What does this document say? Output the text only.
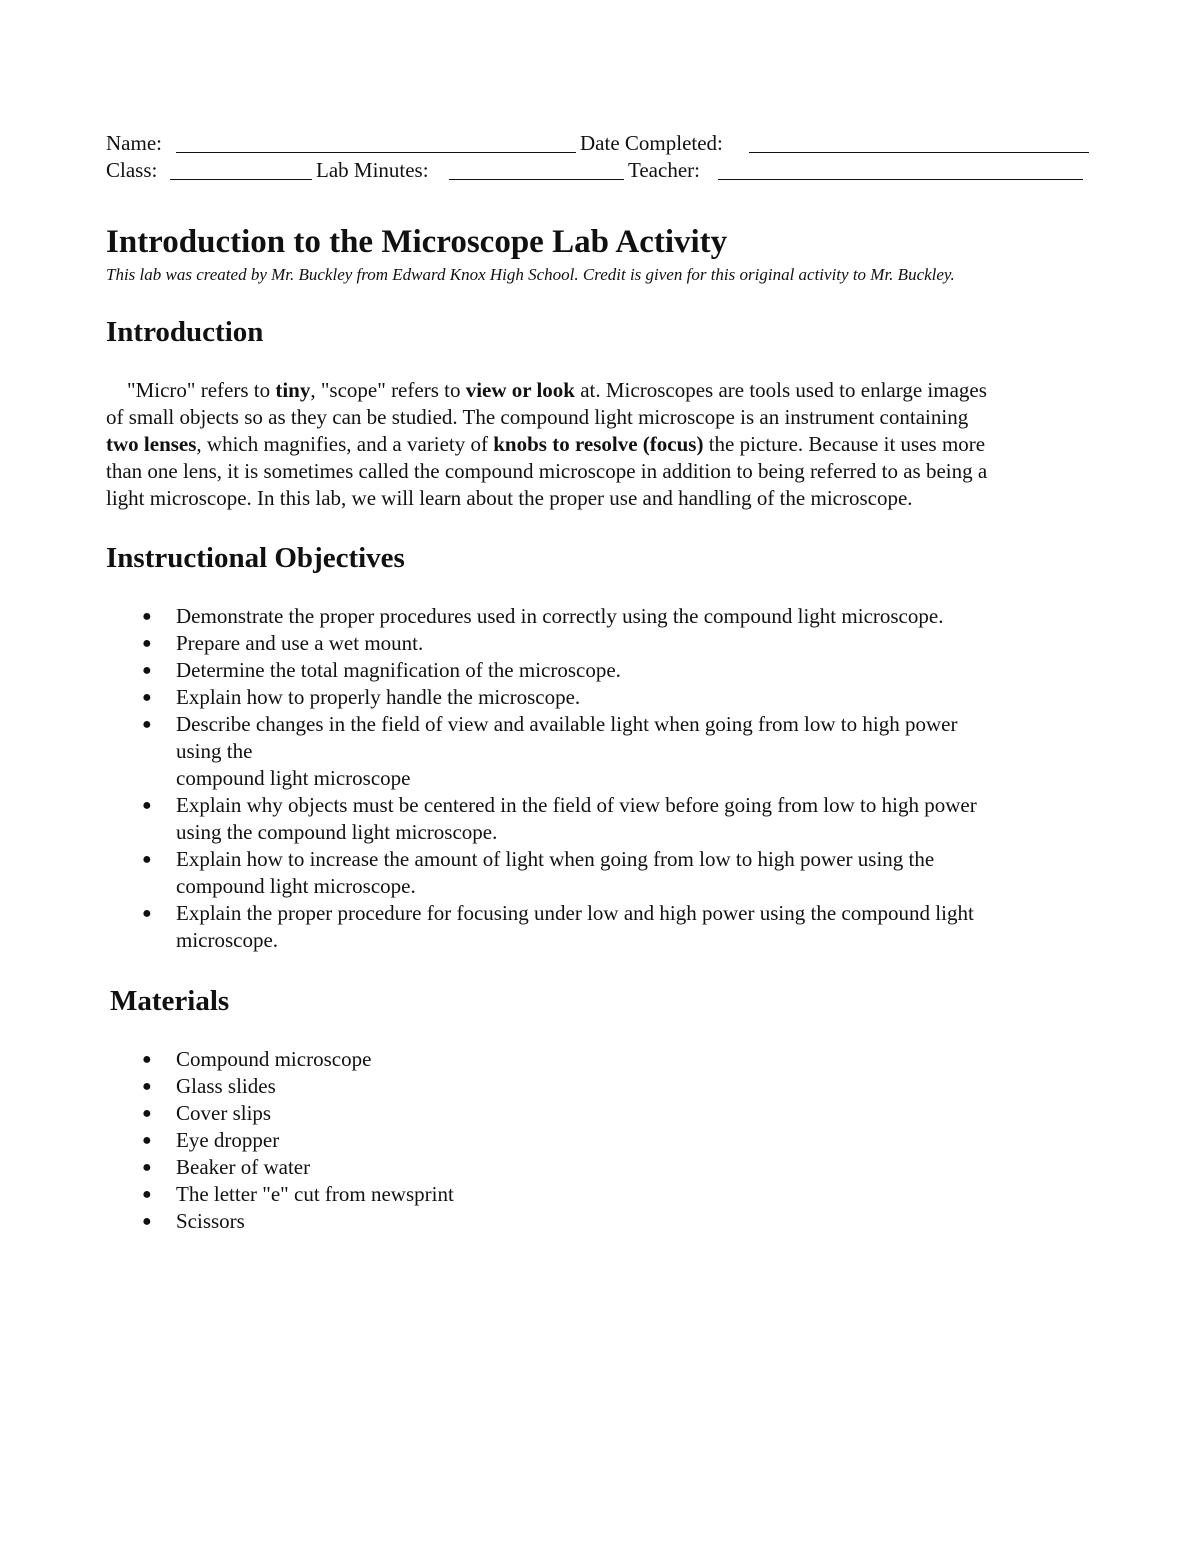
Name:	Date Completed:
Class:	Lab Minutes:	Teacher:
Introduction to the Microscope Lab Activity

This lab was created by Mr. Buckley from Edward Knox High School. Credit is given for this original activity to Mr. Buckley.

Introduction

"Micro" refers to tiny, "scope" refers to view or look at. Microscopes are tools used to enlarge images
of small objects so as they can be studied. The compound light microscope is an instrument containing
two lenses, which magnifies, and a variety of knobs to resolve (focus) the picture. Because it uses more
than one lens, it is sometimes called the compound microscope in addition to being referred to as being a
light microscope. In this lab, we will learn about the proper use and handling of the microscope.

Instructional Objectives
● Demonstrate the proper procedures used in correctly using the compound light microscope.
● Prepare and use a wet mount.
● Determine the total magnification of the microscope.
● Explain how to properly handle the microscope.
● Describe changes in the field of view and available light when going from low to high power
using the
compound light microscope
● Explain why objects must be centered in the field of view before going from low to high power
using the compound light microscope.
● Explain how to increase the amount of light when going from low to high power using the
compound light microscope.
● Explain the proper procedure for focusing under low and high power using the compound light
microscope.
Materials
● Compound microscope
● Glass slides
● Cover slips
● Eye dropper
● Beaker of water
● The letter "e" cut from newsprint
● Scissors
